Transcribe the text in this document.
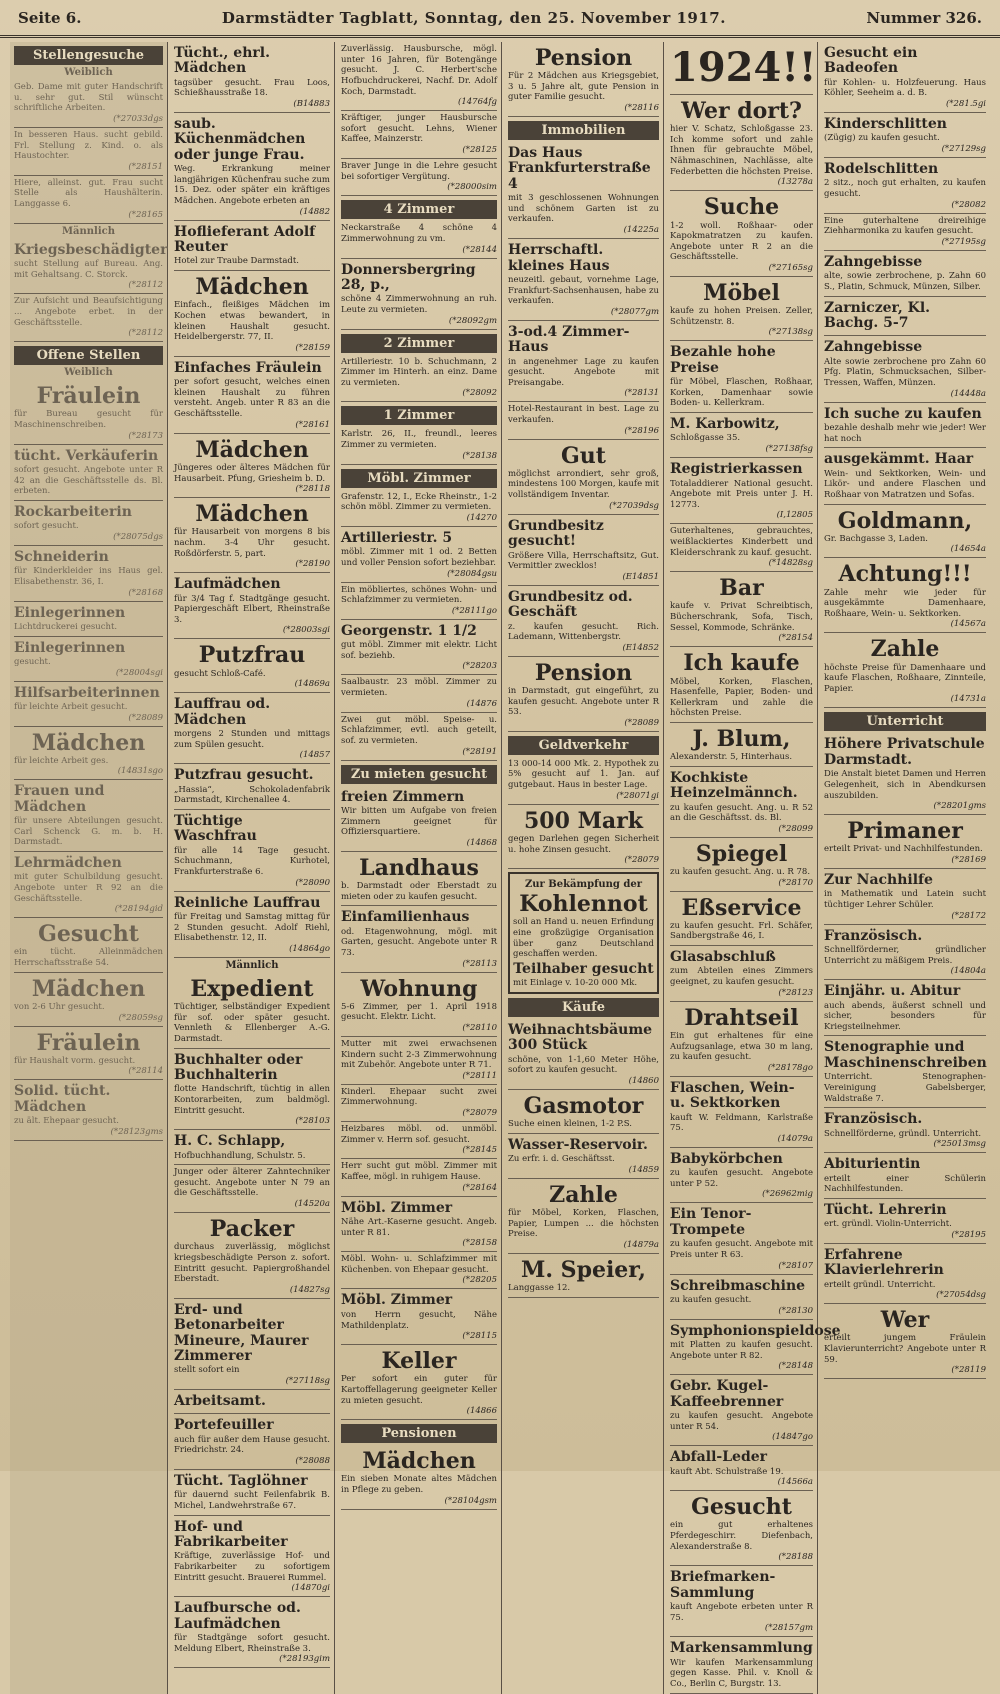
Seite 6.	Darmstädter Tagblatt, Sonntag, den 25. November 1917.	Nummer 326.
Stellengesuche
Weiblich
Geb. Dame mit guter Handschrift u. sehr gut. Stil wünscht schriftliche Arbeiten.
(*27033dgs
In besseren Haus. sucht gebild. Frl. Stellung z. Kind. o. als Haustochter.
(*28151
Hiere, alleinst. gut. Frau sucht Stelle als Haushälterin. Langgasse 6.
(*28165
Männlich
Kriegsbeschädigter
sucht Stellung auf Bureau. Ang. mit Gehaltsang. C. Storck.
(*28112
Zur Aufsicht und Beaufsichtigung ... Angebote erbet. in der Geschäftsstelle.
(*28112
Offene Stellen
Weiblich
Fräulein
für Bureau gesucht für Maschinenschreiben.
(*28173
tücht. Verkäuferin
sofort gesucht. Angebote unter R 42 an die Geschäftsstelle ds. Bl. erbeten.
Rockarbeiterin
sofort gesucht.
(*28075dgs
Schneiderin
für Kinderkleider ins Haus gel. Elisabethenstr. 36, I.
(*28168
Einlegerinnen
Lichtdruckerei gesucht.
Einlegerinnen
gesucht.
(*28004sgi
Hilfsarbeiterinnen
für leichte Arbeit gesucht.
(*28089
Mädchen
für leichte Arbeit ges.
(14831sgo
Frauen und Mädchen
für unsere Abteilungen gesucht. Carl Schenck G. m. b. H. Darmstadt.
Lehrmädchen
mit guter Schulbildung gesucht. Angebote unter R 92 an die Geschäftsstelle.
(*28194gid
Gesucht
ein tücht. Alleinmädchen Herrschaftsstraße 54.
Mädchen
von 2-6 Uhr gesucht.
(*28059sg
Fräulein
für Haushalt vorm. gesucht.
(*28114
Solid. tücht. Mädchen
zu ält. Ehepaar gesucht.
(*28123gms
Tücht., ehrl. Mädchen
tagsüber gesucht. Frau Loos, Schießhausstraße 18.
(B14883
saub. Küchenmädchen oder junge Frau.
Weg. Erkrankung meiner langjährigen Küchenfrau suche zum 15. Dez. oder später ein kräftiges Mädchen. Angebote erbeten an
(14882
Hoflieferant Adolf Reuter
Hotel zur Traube Darmstadt.
Mädchen
Einfach., fleißiges Mädchen im Kochen etwas bewandert, in kleinen Haushalt gesucht. Heidelbergerstr. 77, II.
(*28159
Einfaches Fräulein
per sofort gesucht, welches einen kleinen Haushalt zu führen versteht. Angeb. unter R 83 an die Geschäftsstelle.
(*28161
Mädchen
Jüngeres oder älteres Mädchen für Hausarbeit. Pfung, Griesheim b. D.
(*28118
Mädchen
für Hausarbeit von morgens 8 bis nachm. 3-4 Uhr gesucht. Roßdörferstr. 5, part.
(*28190
Laufmädchen
für 3/4 Tag f. Stadtgänge gesucht. Papiergeschäft Elbert, Rheinstraße 3.
(*28003sgi
Putzfrau
gesucht Schloß-Café.
(14869a
Lauffrau od. Mädchen
morgens 2 Stunden und mittags zum Spülen gesucht.
(14857
Putzfrau gesucht.
„Hassia“, Schokoladenfabrik Darmstadt, Kirchenallee 4.
Tüchtige Waschfrau
für alle 14 Tage gesucht. Schuchmann, Kurhotel, Frankfurterstraße 6.
(*28090
Reinliche Lauffrau
für Freitag und Samstag mittag für 2 Stunden gesucht. Adolf Riehl, Elisabethenstr. 12, II.
(14864go
Männlich
Expedient
Tüchtiger, selbständiger Expedient für sof. oder später gesucht. Vennleth & Ellenberger A.-G. Darmstadt.
Buchhalter oder Buchhalterin
flotte Handschrift, tüchtig in allen Kontorarbeiten, zum baldmögl. Eintritt gesucht.
(*28103
H. C. Schlapp,
Hofbuchhandlung, Schulstr. 5.
Junger oder älterer Zahntechniker gesucht. Angebote unter N 79 an die Geschäftsstelle.
(14520a
Packer
durchaus zuverlässig, möglichst kriegsbeschädigte Person z. sofort. Eintritt gesucht. Papiergroßhandel Eberstadt.
(14827sg
Erd- und Betonarbeiter Mineure, Maurer Zimmerer
stellt sofort ein
(*27118sg
Arbeitsamt.
Portefeuiller
auch für außer dem Hause gesucht. Friedrichstr. 24.
(*28088
Tücht. Taglöhner
für dauernd sucht Feilenfabrik B. Michel, Landwehrstraße 67.
Hof- und Fabrikarbeiter
Kräftige, zuverlässige Hof- und Fabrikarbeiter zu sofortigem Eintritt gesucht. Brauerei Rummel.
(14870gi
Laufbursche od. Laufmädchen
für Stadtgänge sofort gesucht. Meldung Elbert, Rheinstraße 3.
(*28193gim
Zuverlässig. Hausbursche, mögl. unter 16 Jahren, für Botengänge gesucht. J. C. Herbert'sche Hofbuchdruckerei, Nachf. Dr. Adolf Koch, Darmstadt.
(14764fg
Kräftiger, junger Hausbursche sofort gesucht. Lehns, Wiener Kaffee, Mainzerstr.
(*28125
Braver Junge in die Lehre gesucht bei sofortiger Vergütung.
(*28000sim
4 Zimmer
Neckarstraße 4 schöne 4 Zimmerwohnung zu vm.
(*28144
Donnersbergring 28, p.,
schöne 4 Zimmerwohnung an ruh. Leute zu vermieten.
(*28092gm
2 Zimmer
Artilleriestr. 10 b. Schuchmann, 2 Zimmer im Hinterh. an einz. Dame zu vermieten.
(*28092
1 Zimmer
Karlstr. 26, II., freundl., leeres Zimmer zu vermieten.
(*28138
Möbl. Zimmer
Grafenstr. 12, I., Ecke Rheinstr., 1-2 schön möbl. Zimmer zu vermieten.
(14270
Artilleriestr. 5
möbl. Zimmer mit 1 od. 2 Betten und voller Pension sofort beziehbar.
(*28084gsu
Ein möbliertes, schönes Wohn- und Schlafzimmer zu vermieten.
(*28111go
Georgenstr. 1 1/2
gut möbl. Zimmer mit elektr. Licht sof. beziehb.
(*28203
Saalbaustr. 23 möbl. Zimmer zu vermieten.
(14876
Zwei gut möbl. Speise- u. Schlafzimmer, evtl. auch geteilt, sof. zu vermieten.
(*28191
Zu mieten gesucht
freien Zimmern
Wir bitten um Aufgabe von freien Zimmern geeignet für Offiziersquartiere.
(14868
Landhaus
b. Darmstadt oder Eberstadt zu mieten oder zu kaufen gesucht.
Einfamilienhaus
od. Etagenwohnung, mögl. mit Garten, gesucht. Angebote unter R 73.
(*28113
Wohnung
5-6 Zimmer, per 1. April 1918 gesucht. Elektr. Licht.
(*28110
Mutter mit zwei erwachsenen Kindern sucht 2-3 Zimmerwohnung mit Zubehör. Angebote unter R 71.
(*28111
Kinderl. Ehepaar sucht zwei Zimmerwohnung.
(*28079
Heizbares möbl. od. unmöbl. Zimmer v. Herrn sof. gesucht.
(*28145
Herr sucht gut möbl. Zimmer mit Kaffee, mögl. in ruhigem Hause.
(*28164
Möbl. Zimmer
Nähe Art.-Kaserne gesucht. Angeb. unter R 81.
(*28158
Möbl. Wohn- u. Schlafzimmer mit Küchenben. von Ehepaar gesucht.
(*28205
Möbl. Zimmer
von Herrn gesucht, Nähe Mathildenplatz.
(*28115
Keller
Per sofort ein guter für Kartoffellagerung geeigneter Keller zu mieten gesucht.
(14866
Pensionen
Mädchen
Ein sieben Monate altes Mädchen in Pflege zu geben.
(*28104gsm
Pension
Für 2 Mädchen aus Kriegsgebiet, 3 u. 5 Jahre alt, gute Pension in guter Familie gesucht.
(*28116
Immobilien
Das Haus Frankfurterstraße 4
mit 3 geschlossenen Wohnungen und schönem Garten ist zu verkaufen.
(14225a
Herrschaftl. kleines Haus
neuzeitl. gebaut, vornehme Lage, Frankfurt-Sachsenhausen, habe zu verkaufen.
(*28077gm
3-od.4 Zimmer-Haus
in angenehmer Lage zu kaufen gesucht. Angebote mit Preisangabe.
(*28131
Hotel-Restaurant in best. Lage zu verkaufen.
(*28196
Gut
möglichst arrondiert, sehr groß, mindestens 100 Morgen, kaufe mit vollständigem Inventar.
(*27039dsg
Grundbesitz gesucht!
Größere Villa, Herrschaftsitz, Gut. Vermittler zwecklos!
(E14851
Grundbesitz od. Geschäft
z. kaufen gesucht. Rich. Lademann, Wittenbergstr.
(E14852
Pension
in Darmstadt, gut eingeführt, zu kaufen gesucht. Angebote unter R 53.
(*28089
Geldverkehr
13 000-14 000 Mk. 2. Hypothek zu 5% gesucht auf 1. Jan. auf gutgebaut. Haus in bester Lage.
(*28071gi
500 Mark
gegen Darlehen gegen Sicherheit u. hohe Zinsen gesucht.
(*28079
Zur Bekämpfung der
Kohlennot
soll an Hand u. neuen Erfindung eine großzügige Organisation über ganz Deutschland geschaffen werden.
Teilhaber gesucht
mit Einlage v. 10-20 000 Mk.
Käufe
Weihnachtsbäume 300 Stück
schöne, von 1-1,60 Meter Höhe, sofort zu kaufen gesucht.
(14860
Gasmotor
Suche einen kleinen, 1-2 P.S.
Wasser-Reservoir.
Zu erfr. i. d. Geschäftsst.
(14859
Zahle
für Möbel, Korken, Flaschen, Papier, Lumpen ... die höchsten Preise.
(14879a
M. Speier,
Langgasse 12.
1924!!
Wer dort?
hier V. Schatz, Schloßgasse 23. Ich komme sofort und zahle Ihnen für gebrauchte Möbel, Nähmaschinen, Nachlässe, alte Federbetten die höchsten Preise.
(13278a
Suche
1-2 woll. Roßhaar- oder Kapokmatratzen zu kaufen. Angebote unter R 2 an die Geschäftsstelle.
(*27165sg
Möbel
kaufe zu hohen Preisen. Zeller, Schützenstr. 8.
(*27138sg
Bezahle hohe Preise
für Möbel, Flaschen, Roßhaar, Korken, Damenhaar sowie Boden- u. Kellerkram.
M. Karbowitz,
Schloßgasse 35.
(*27138fsg
Registrierkassen
Totaladdierer National gesucht. Angebote mit Preis unter J. H. 12773.
(I,12805
Guterhaltenes, gebrauchtes, weißlackiertes Kinderbett und Kleiderschrank zu kauf. gesucht.
(*14828sg
Bar
kaufe v. Privat Schreibtisch, Bücherschrank, Sofa, Tisch, Sessel, Kommode, Schränke.
(*28154
Ich kaufe
Möbel, Korken, Flaschen, Hasenfelle, Papier, Boden- und Kellerkram und zahle die höchsten Preise.
J. Blum,
Alexanderstr. 5, Hinterhaus.
Kochkiste Heinzelmännch.
zu kaufen gesucht. Ang. u. R 52 an die Geschäftsst. ds. Bl.
(*28099
Spiegel
zu kaufen gesucht. Ang. u. R 78.
(*28170
Eßservice
zu kaufen gesucht. Frl. Schäfer, Sandbergstraße 46, I.
Glasabschluß
zum Abteilen eines Zimmers geeignet, zu kaufen gesucht.
(*28123
Drahtseil
Ein gut erhaltenes für eine Aufzugsanlage, etwa 30 m lang, zu kaufen gesucht.
(*28178go
Flaschen, Wein- u. Sektkorken
kauft W. Feldmann, Karlstraße 75.
(14079a
Babykörbchen
zu kaufen gesucht. Angebote unter P 52.
(*26962mig
Ein Tenor-Trompete
zu kaufen gesucht. Angebote mit Preis unter R 63.
(*28107
Schreibmaschine
zu kaufen gesucht.
(*28130
Symphonionspieldose
mit Platten zu kaufen gesucht. Angebote unter R 82.
(*28148
Gebr. Kugel-Kaffeebrenner
zu kaufen gesucht. Angebote unter R 54.
(14847go
Abfall-Leder
kauft Abt. Schulstraße 19.
(14566a
Gesucht
ein gut erhaltenes Pferdegeschirr. Diefenbach, Alexanderstraße 8.
(*28188
Briefmarken-Sammlung
kauft Angebote erbeten unter R 75.
(*28157gm
Markensammlung
Wir kaufen Markensammlung gegen Kasse. Phil. v. Knoll & Co., Berlin C, Burgstr. 13.
Gesucht ein Badeofen
für Kohlen- u. Holzfeuerung. Haus Köhler, Seeheim a. d. B.
(*281.5gi
Kinderschlitten
(Zügig) zu kaufen gesucht.
(*27129sg
Rodelschlitten
2 sitz., noch gut erhalten, zu kaufen gesucht.
(*28082
Eine guterhaltene dreireihige Ziehharmonika zu kaufen gesucht.
(*27195sg
Zahngebisse
alte, sowie zerbrochene, p. Zahn 60 S., Platin, Schmuck, Münzen, Silber.
Zarniczer, Kl. Bachg. 5-7
Zahngebisse
Alte sowie zerbrochene pro Zahn 60 Pfg. Platin, Schmucksachen, Silber-Tressen, Waffen, Münzen.
(14448a
Ich suche zu kaufen
bezahle deshalb mehr wie jeder! Wer hat noch
ausgekämmt. Haar
Wein- und Sektkorken, Wein- und Likör- und andere Flaschen und Roßhaar von Matratzen und Sofas.
Goldmann,
Gr. Bachgasse 3, Laden.
(14654a
Achtung!!!
Zahle mehr wie jeder für ausgekämmte Damenhaare, Roßhaare, Wein- u. Sektkorken.
(14567a
Zahle
höchste Preise für Damenhaare und kaufe Flaschen, Roßhaare, Zinnteile, Papier.
(14731a
Unterricht
Höhere Privatschule Darmstadt.
Die Anstalt bietet Damen und Herren Gelegenheit, sich in Abendkursen auszubilden.
(*28201gms
Primaner
erteilt Privat- und Nachhilfestunden.
(*28169
Zur Nachhilfe
in Mathematik und Latein sucht tüchtiger Lehrer Schüler.
(*28172
Französisch.
Schnellförderner, gründlicher Unterricht zu mäßigem Preis.
(14804a
Einjähr. u. Abitur
auch abends, äußerst schnell und sicher, besonders für Kriegsteilnehmer.
Stenographie und Maschinenschreiben
Unterricht. Stenographen-Vereinigung Gabelsberger, Waldstraße 7.
Französisch.
Schnellförderne, gründl. Unterricht.
(*25013msg
Abiturientin
erteilt einer Schülerin Nachhilfestunden.
Tücht. Lehrerin
ert. gründl. Violin-Unterricht.
(*28195
Erfahrene Klavierlehrerin
erteilt gründl. Unterricht.
(*27054dsg
Wer
erteilt jungem Fräulein Klavierunterricht? Angebote unter R 59.
(*28119
